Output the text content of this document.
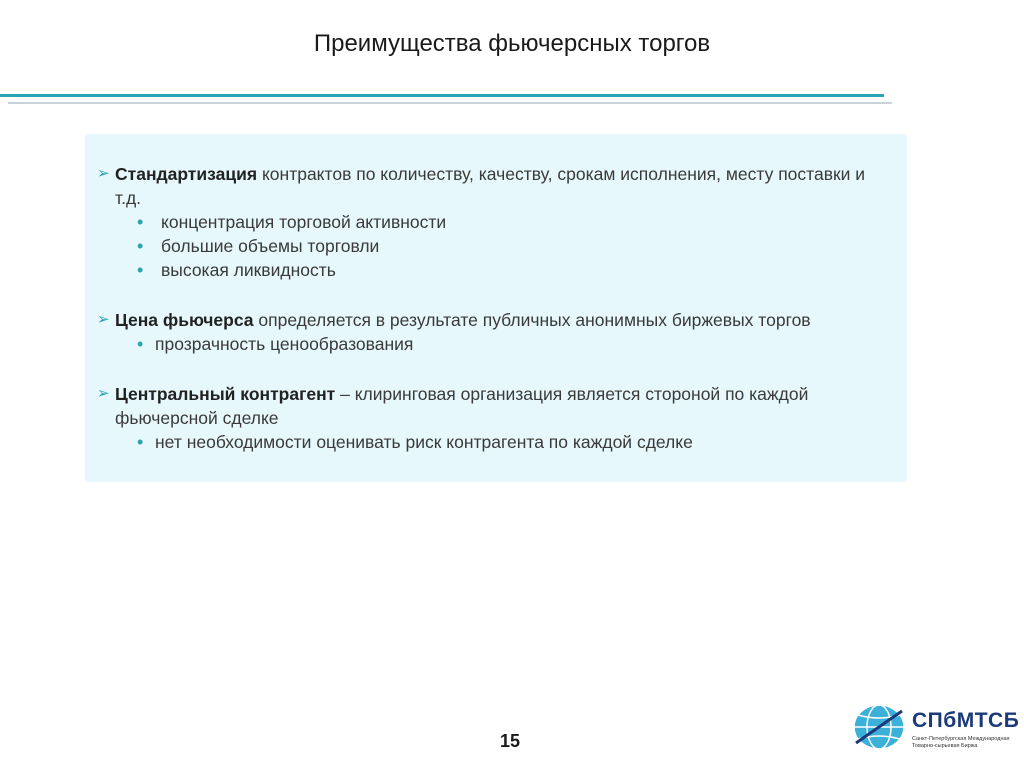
Преимущества фьючерсных торгов
➢ Стандартизация контрактов по количеству, качеству, срокам исполнения, месту поставки и т.д.
• концентрация торговой активности
• большие объемы торговли
• высокая ликвидность
➢ Цена фьючерса определяется в результате публичных анонимных биржевых торгов
• прозрачность ценообразования
➢ Центральный контрагент – клиринговая организация является стороной по каждой фьючерсной сделке
• нет необходимости оценивать риск контрагента по каждой сделке
15
СПбМТСБ
Санкт-Петербургская Международная Товарно-сырьевая Биржа
